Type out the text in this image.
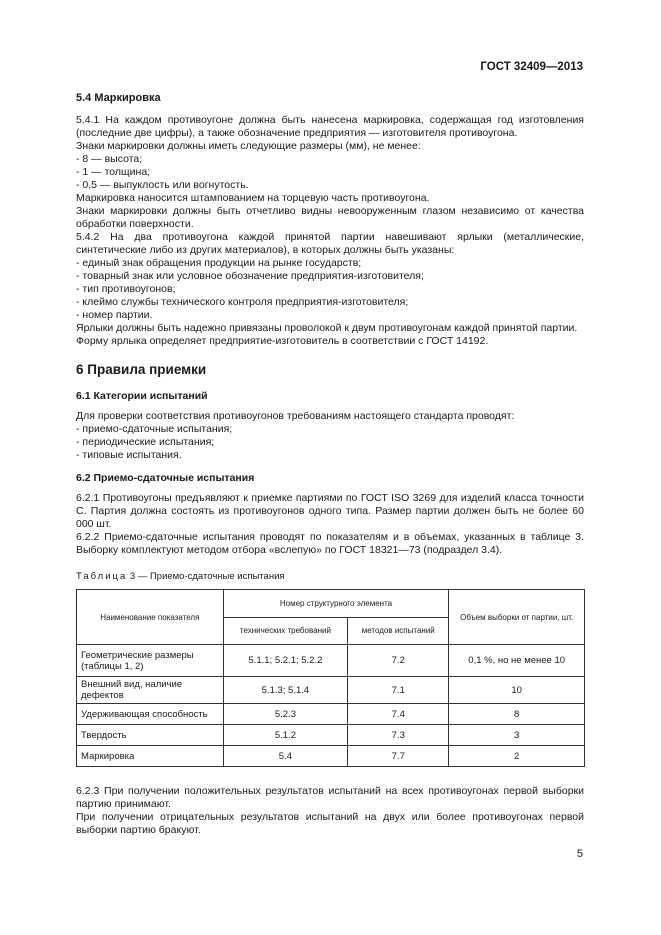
ГОСТ 32409—2013
5.4 Маркировка

5.4.1 На каждом противоугоне должна быть нанесена маркировка, содержащая год изготовления (последние две цифры), а также обозначение предприятия — изготовителя противоугона.

Знаки маркировки должны иметь следующие размеры (мм), не менее:

- 8 — высота;
- 1 — толщина;
- 0,5 — выпуклость или вогнутость.

Маркировка наносится штампованием на торцевую часть противоугона.

Знаки маркировки должны быть отчетливо видны невооруженным глазом независимо от качества обработки поверхности.

5.4.2 На два противоугона каждой принятой партии навешивают ярлыки (металлические, синтетические либо из других материалов), в которых должны быть указаны:

- единый знак обращения продукции на рынке государств;
- товарный знак или условное обозначение предприятия-изготовителя;
- тип противоугонов;
- клеймо службы технического контроля предприятия-изготовителя;
- номер партии.

Ярлыки должны быть надежно привязаны проволокой к двум противоугонам каждой принятой партии.

Форму ярлыка определяет предприятие-изготовитель в соответствии с ГОСТ 14192.

6 Правила приемки
6.1 Категории испытаний

Для проверки соответствия противоугонов требованиям настоящего стандарта проводят:

- приемо-сдаточные испытания;
- периодические испытания;
- типовые испытания.
6.2 Приемо-сдаточные испытания

6.2.1 Противоугоны предъявляют к приемке партиями по ГОСТ ISO 3269 для изделий класса точности С. Партия должна состоять из противоугонов одного типа. Размер партии должен быть не более 60 000 шт.

6.2.2 Приемо-сдаточные испытания проводят по показателям и в объемах, указанных в таблице 3. Выборку комплектуют методом отбора «вслепую» по ГОСТ 18321—73 (подраздел 3.4).

Таблица 3 — Приемо-сдаточные испытания
Наименование показателя	Номер структурного элемента		Объем выборки от партии, шт.
	технических требований	методов испытаний	
Геометрические размеры (таблицы 1, 2)	5.1.1; 5.2.1; 5.2.2	7.2	0,1 %, но не менее 10
Внешний вид, наличие дефектов	5.1.3; 5.1.4	7.1	10
Удерживающая способность	5.2.3	7.4	8
Твердость	5.1.2	7.3	3
Маркировка	5.4	7.7	2

6.2.3 При получении положительных результатов испытаний на всех противоугонах первой выборки партию принимают.

При получении отрицательных результатов испытаний на двух или более противоугонах первой выборки партию бракуют.

5
